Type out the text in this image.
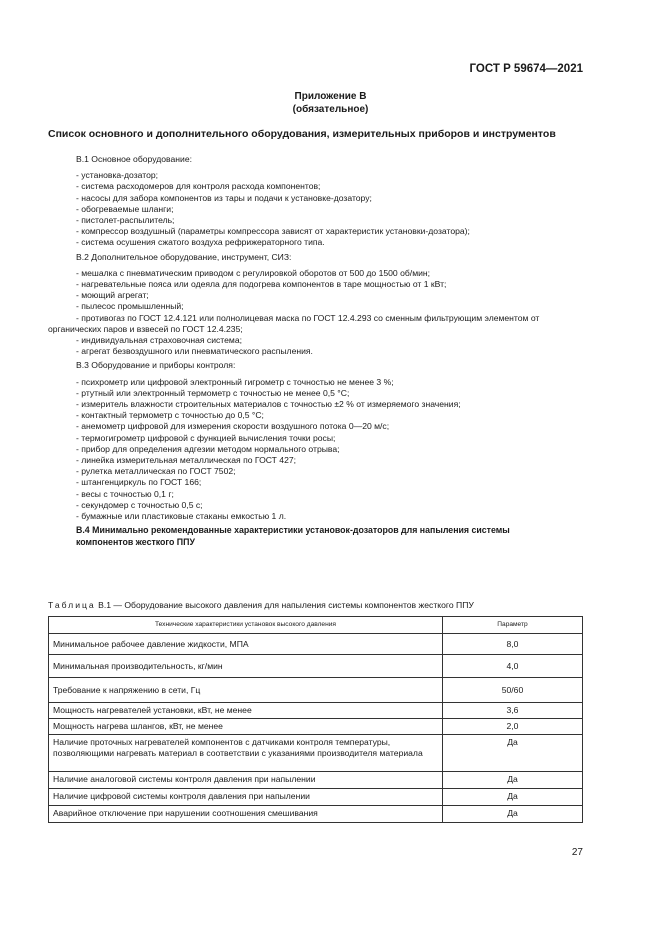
ГОСТ Р 59674—2021
Приложение В
(обязательное)
Список основного и дополнительного оборудования, измерительных приборов и инструментов
В.1 Основное оборудование:
- установка-дозатор;
- система расходомеров для контроля расхода компонентов;
- насосы для забора компонентов из тары и подачи к установке-дозатору;
- обогреваемые шланги;
- пистолет-распылитель;
- компрессор воздушный (параметры компрессора зависят от характеристик установки-дозатора);
- система осушения сжатого воздуха рефрижераторного типа.
В.2 Дополнительное оборудование, инструмент, СИЗ:
- мешалка с пневматическим приводом с регулировкой оборотов от 500 до 1500 об/мин;
- нагревательные пояса или одеяла для подогрева компонентов в таре мощностью от 1 кВт;
- моющий агрегат;
- пылесос промышленный;
- противогаз по ГОСТ 12.4.121 или полнолицевая маска по ГОСТ 12.4.293 со сменным фильтрующим элементом от органических паров и взвесей по ГОСТ 12.4.235;
- индивидуальная страховочная система;
- агрегат безвоздушного или пневматического распыления.
В.3 Оборудование и приборы контроля:
- психрометр или цифровой электронный гигрометр с точностью не менее 3 %;
- ртутный или электронный термометр с точностью не менее 0,5 °С;
- измеритель влажности строительных материалов с точностью ±2 % от измеряемого значения;
- контактный термометр с точностью до 0,5 °С;
- анемометр цифровой для измерения скорости воздушного потока 0—20 м/с;
- термогигрометр цифровой с функцией вычисления точки росы;
- прибор для определения адгезии методом нормального отрыва;
- линейка измерительная металлическая по ГОСТ 427;
- рулетка металлическая по ГОСТ 7502;
- штангенциркуль по ГОСТ 166;
- весы с точностью 0,1 г;
- секундомер с точностью 0,5 с;
- бумажные или пластиковые стаканы емкостью 1 л.
В.4 Минимально рекомендованные характеристики установок-дозаторов для напыления системы
компонентов жесткого ППУ
Таблица В.1 — Оборудование высокого давления для напыления системы компонентов жесткого ППУ
Технические характеристики установок высокого давления	Параметр
Минимальное рабочее давление жидкости, МПА	8,0
Минимальная производительность, кг/мин	4,0
Требование к напряжению в сети, Гц	50/60
Мощность нагревателей установки, кВт, не менее	3,6
Мощность нагрева шлангов, кВт, не менее	2,0
Наличие проточных нагревателей компонентов с датчиками контроля температуры, позволяющими нагревать материал в соответствии с указаниями производителя материала	Да
Наличие аналоговой системы контроля давления при напылении	Да
Наличие цифровой системы контроля давления при напылении	Да
Аварийное отключение при нарушении соотношения смешивания	Да
27
